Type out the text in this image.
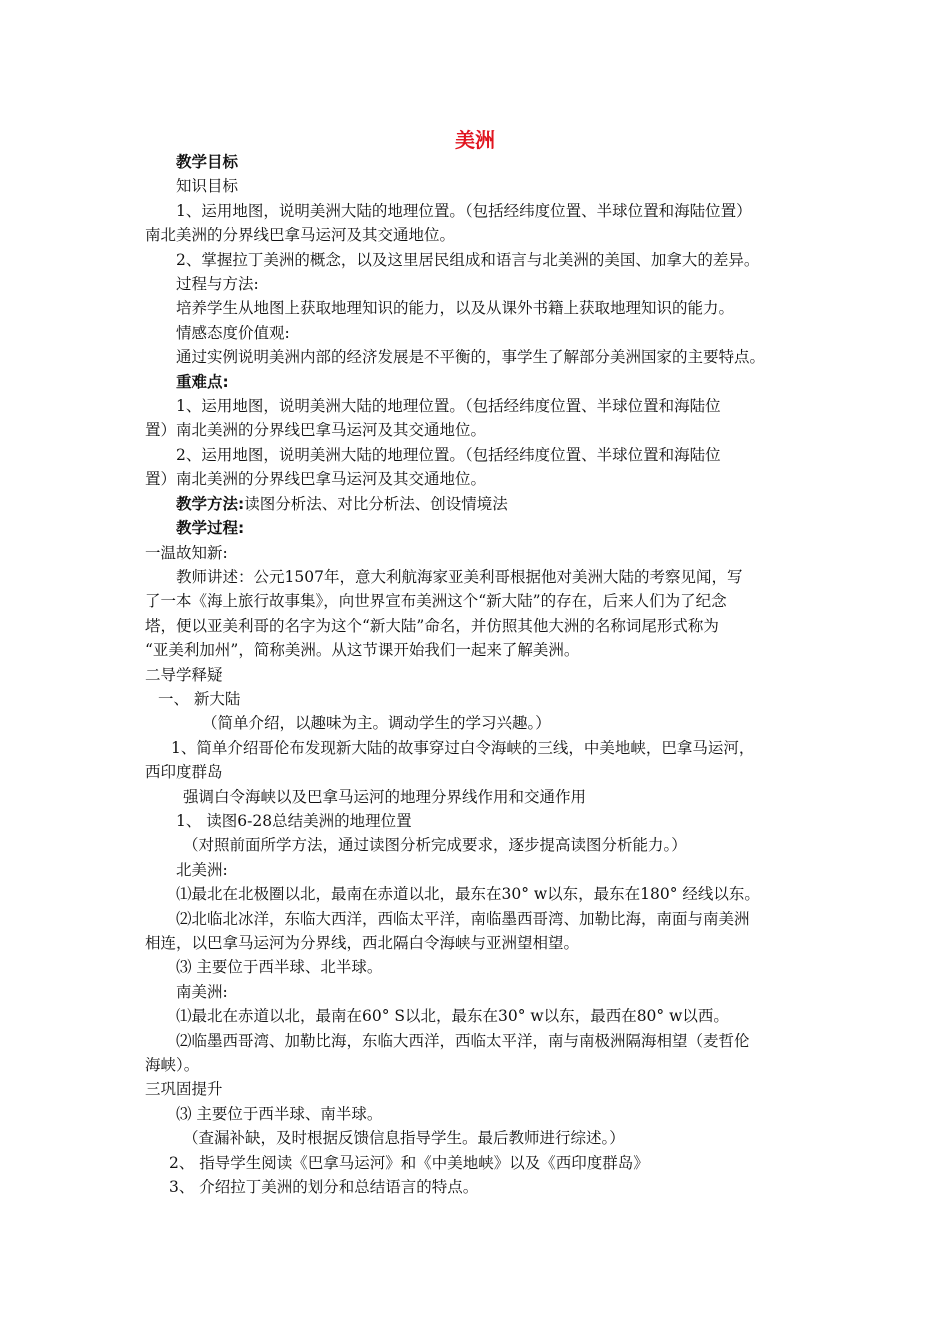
美洲

教学目标

知识目标

1、运用地图，说明美洲大陆的地理位置。（包括经纬度位置、半球位置和海陆位置）

南北美洲的分界线巴拿马运河及其交通地位。

2、掌握拉丁美洲的概念，以及这里居民组成和语言与北美洲的美国、加拿大的差异。

过程与方法:

培养学生从地图上获取地理知识的能力，以及从课外书籍上获取地理知识的能力。

情感态度价值观:

通过实例说明美洲内部的经济发展是不平衡的，事学生了解部分美洲国家的主要特点。

重难点:

1、运用地图，说明美洲大陆的地理位置。（包括经纬度位置、半球位置和海陆位

置）南北美洲的分界线巴拿马运河及其交通地位。

2、运用地图，说明美洲大陆的地理位置。（包括经纬度位置、半球位置和海陆位

置）南北美洲的分界线巴拿马运河及其交通地位。

教学方法:读图分析法、对比分析法、创设情境法

教学过程:

一温故知新:

教师讲述：公元1507年，意大利航海家亚美利哥根据他对美洲大陆的考察见闻，写

了一本《海上旅行故事集》，向世界宣布美洲这个“新大陆”的存在，后来人们为了纪念

塔，便以亚美利哥的名字为这个“新大陆”命名，并仿照其他大洲的名称词尾形式称为

“亚美利加州”，简称美洲。从这节课开始我们一起来了解美洲。

二导学释疑

一、 新大陆

（简单介绍，以趣味为主。调动学生的学习兴趣。）

1、简单介绍哥伦布发现新大陆的故事穿过白令海峡的三线，中美地峡，巴拿马运河，

西印度群岛

强调白令海峡以及巴拿马运河的地理分界线作用和交通作用

1、 读图6-28总结美洲的地理位置

（对照前面所学方法，通过读图分析完成要求，逐步提高读图分析能力。）

北美洲:

⑴最北在北极圈以北，最南在赤道以北，最东在30° w以东，最东在180° 经线以东。

⑵北临北冰洋，东临大西洋，西临太平洋，南临墨西哥湾、加勒比海，南面与南美洲

相连，以巴拿马运河为分界线，西北隔白令海峡与亚洲望相望。

⑶ 主要位于西半球、北半球。

南美洲:

⑴最北在赤道以北，最南在60° S以北，最东在30° w以东，最西在80° w以西。

⑵临墨西哥湾、加勒比海，东临大西洋，西临太平洋，南与南极洲隔海相望（麦哲伦

海峡）。

三巩固提升

⑶ 主要位于西半球、南半球。

（查漏补缺，及时根据反馈信息指导学生。最后教师进行综述。）

2、 指导学生阅读《巴拿马运河》和《中美地峡》以及《西印度群岛》

3、 介绍拉丁美洲的划分和总结语言的特点。
